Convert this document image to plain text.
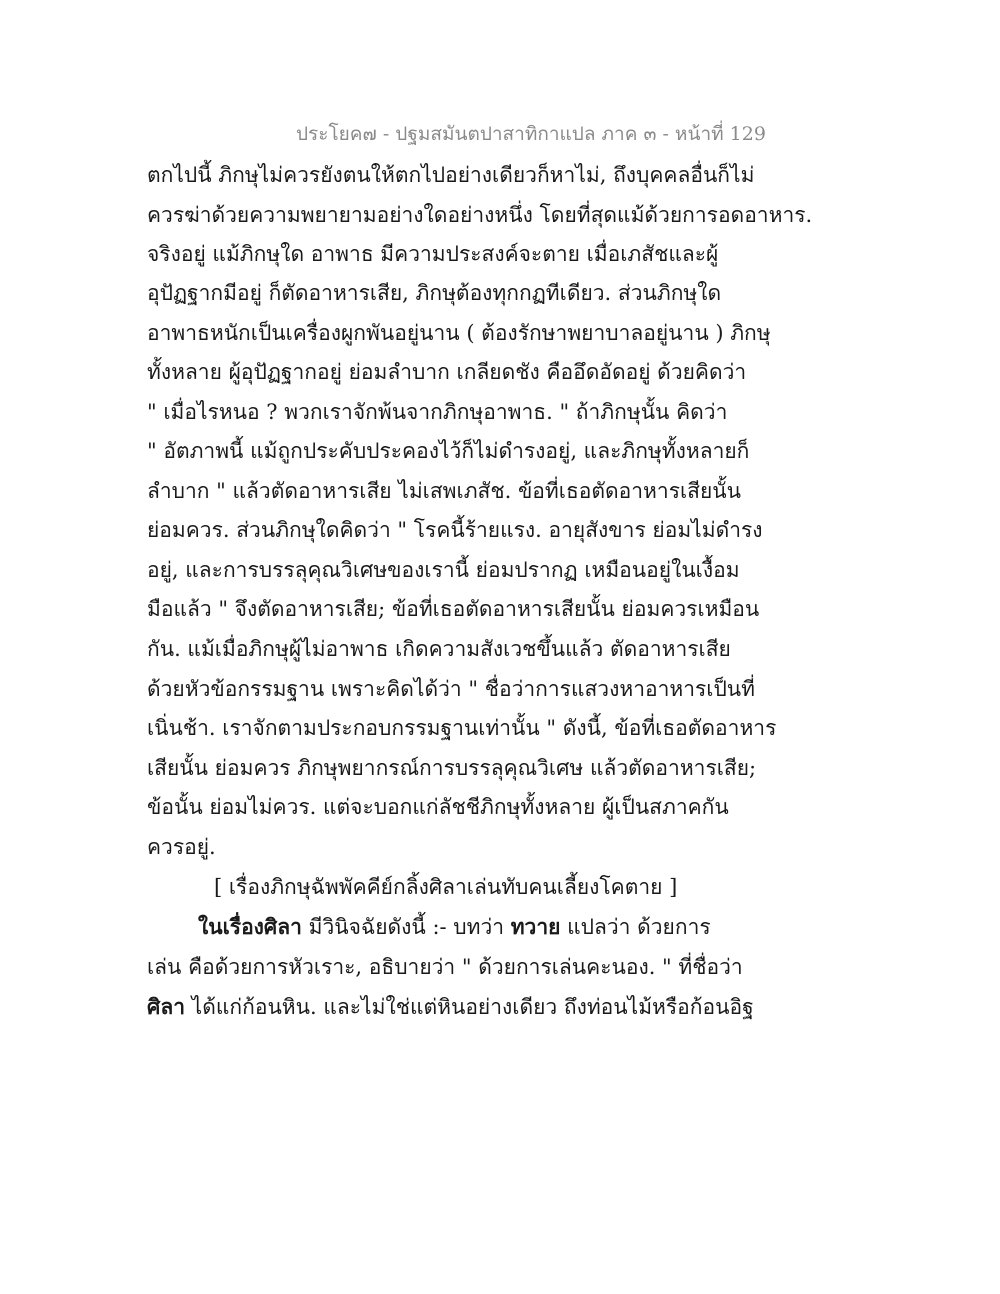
ประโยค๗ - ปฐมสมันตปาสาทิกาแปล ภาค ๓ - หน้าที่ 129
ตกไปนี้ ภิกษุไม่ควรยังตนให้ตกไปอย่างเดียวก็หาไม่, ถึงบุคคลอื่นก็ไม่
ควรฆ่าด้วยความพยายามอย่างใดอย่างหนึ่ง โดยที่สุดแม้ด้วยการอดอาหาร.
จริงอยู่ แม้ภิกษุใด อาพาธ มีความประสงค์จะตาย เมื่อเภสัชและผู้
อุปัฏฐากมีอยู่ ก็ตัดอาหารเสีย, ภิกษุต้องทุกกฏทีเดียว. ส่วนภิกษุใด
อาพาธหนักเป็นเครื่องผูกพันอยู่นาน ( ต้องรักษาพยาบาลอยู่นาน ) ภิกษุ
ทั้งหลาย ผู้อุปัฏฐากอยู่ ย่อมลำบาก เกลียดชัง คืออึดอัดอยู่ ด้วยคิดว่า
" เมื่อไรหนอ ? พวกเราจักพ้นจากภิกษุอาพาธ. " ถ้าภิกษุนั้น คิดว่า
" อัตภาพนี้ แม้ถูกประคับประคองไว้ก็ไม่ดำรงอยู่, และภิกษุทั้งหลายก็
ลำบาก " แล้วตัดอาหารเสีย ไม่เสพเภสัช. ข้อที่เธอตัดอาหารเสียนั้น
ย่อมควร. ส่วนภิกษุใดคิดว่า " โรคนี้ร้ายแรง. อายุสังขาร ย่อมไม่ดำรง
อยู่, และการบรรลุคุณวิเศษของเรานี้ ย่อมปรากฏ เหมือนอยู่ในเงื้อม
มือแล้ว " จึงตัดอาหารเสีย; ข้อที่เธอตัดอาหารเสียนั้น ย่อมควรเหมือน
กัน. แม้เมื่อภิกษุผู้ไม่อาพาธ เกิดความสังเวชขึ้นแล้ว ตัดอาหารเสีย
ด้วยหัวข้อกรรมฐาน เพราะคิดได้ว่า " ชื่อว่าการแสวงหาอาหารเป็นที่
เนิ่นช้า. เราจักตามประกอบกรรมฐานเท่านั้น " ดังนี้, ข้อที่เธอตัดอาหาร
เสียนั้น ย่อมควร ภิกษุพยากรณ์การบรรลุคุณวิเศษ แล้วตัดอาหารเสีย;
ข้อนั้น ย่อมไม่ควร. แต่จะบอกแก่ลัชชีภิกษุทั้งหลาย ผู้เป็นสภาคกัน
ควรอยู่.
[ เรื่องภิกษุฉัพพัคคีย์กลิ้งศิลาเล่นทับคนเลี้ยงโคตาย ]
ในเรื่องศิลา มีวินิจฉัยดังนี้ :- บทว่า ทวาย แปลว่า ด้วยการ
เล่น คือด้วยการหัวเราะ, อธิบายว่า " ด้วยการเล่นคะนอง. " ที่ชื่อว่า
ศิลา ได้แก่ก้อนหิน. และไม่ใช่แต่หินอย่างเดียว ถึงท่อนไม้หรือก้อนอิฐ
